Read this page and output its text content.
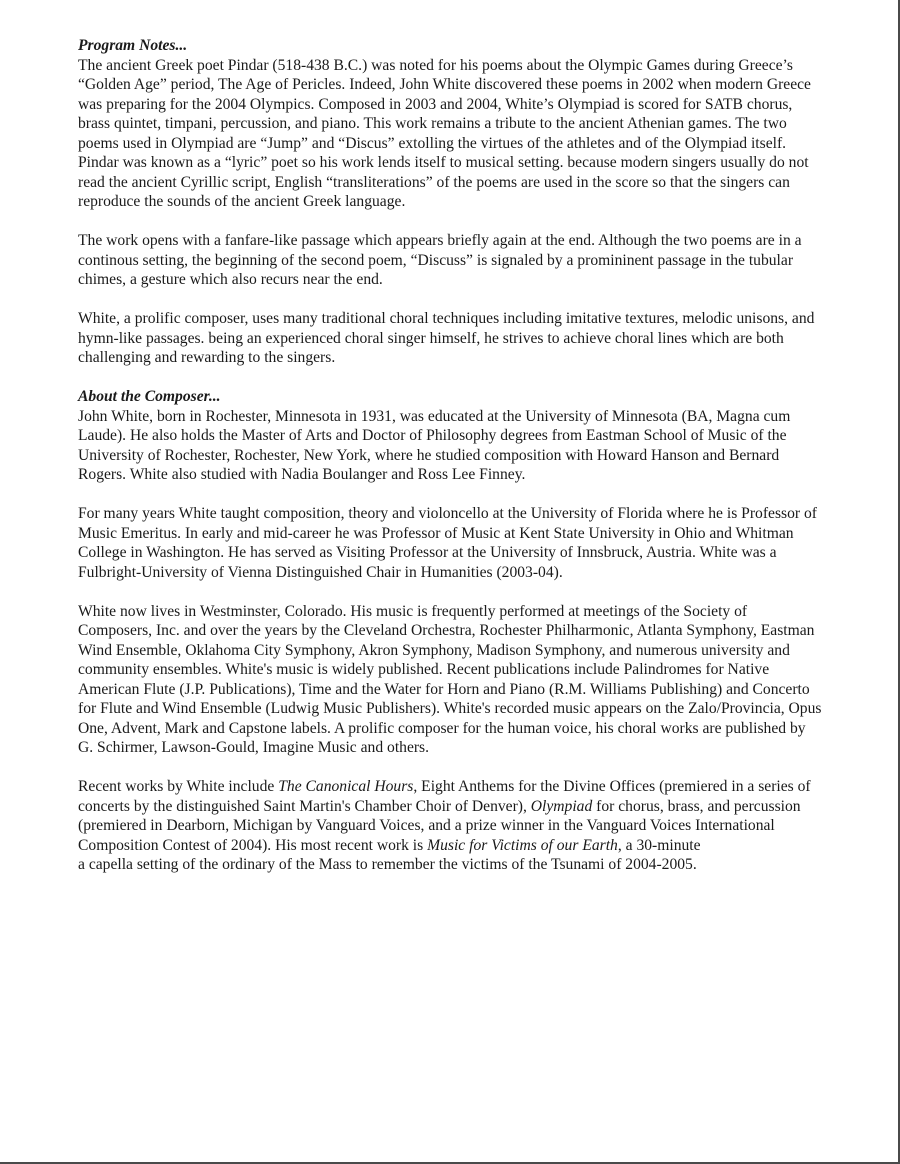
Program Notes...

The ancient Greek poet Pindar (518-438 B.C.) was noted for his poems about the Olympic Games during Greece’s “Golden Age” period, The Age of Pericles. Indeed, John White discovered these poems in 2002 when modern Greece was preparing for the 2004 Olympics. Composed in 2003 and 2004, White’s Olympiad is scored for SATB chorus, brass quintet, timpani, percussion, and piano. This work remains a tribute to the ancient Athenian games. The two poems used in Olympiad are “Jump” and “Discus” extolling the virtues of the athletes and of the Olympiad itself. Pindar was known as a “lyric” poet so his work lends itself to musical setting. because modern singers usually do not read the ancient Cyrillic script, English “transliterations” of the poems are used in the score so that the singers can reproduce the sounds of the ancient Greek language.

The work opens with a fanfare-like passage which appears briefly again at the end. Although the two poems are in a continous setting, the beginning of the second poem, “Discuss” is signaled by a promininent passage in the tubular chimes, a gesture which also recurs near the end.

White, a prolific composer, uses many traditional choral techniques including imitative textures, melodic unisons, and hymn-like passages. being an experienced choral singer himself, he strives to achieve choral lines which are both challenging and rewarding to the singers.

About the Composer...

John White, born in Rochester, Minnesota in 1931, was educated at the University of Minnesota (BA, Magna cum Laude). He also holds the Master of Arts and Doctor of Philosophy degrees from Eastman School of Music of the University of Rochester, Rochester, New York, where he studied composition with Howard Hanson and Bernard Rogers. White also studied with Nadia Boulanger and Ross Lee Finney.

For many years White taught composition, theory and violoncello at the University of Florida where he is Professor of Music Emeritus. In early and mid-career he was Professor of Music at Kent State University in Ohio and Whitman College in Washington. He has served as Visiting Professor at the University of Innsbruck, Austria. White was a Fulbright-University of Vienna Distinguished Chair in Humanities (2003-04).

White now lives in Westminster, Colorado. His music is frequently performed at meetings of the Society of Composers, Inc. and over the years by the Cleveland Orchestra, Rochester Philharmonic, Atlanta Symphony, Eastman Wind Ensemble, Oklahoma City Symphony, Akron Symphony, Madison Symphony, and numerous university and community ensembles. White's music is widely published. Recent publications include Palindromes for Native American Flute (J.P. Publications), Time and the Water for Horn and Piano (R.M. Williams Publishing) and Concerto for Flute and Wind Ensemble (Ludwig Music Publishers). White's recorded music appears on the Zalo/Provincia, Opus One, Advent, Mark and Capstone labels. A prolific composer for the human voice, his choral works are published by G. Schirmer, Lawson-Gould, Imagine Music and others.

Recent works by White include The Canonical Hours, Eight Anthems for the Divine Offices (premiered in a series of concerts by the distinguished Saint Martin's Chamber Choir of Denver), Olympiad for chorus, brass, and percussion (premiered in Dearborn, Michigan by Vanguard Voices, and a prize winner in the Vanguard Voices International Composition Contest of 2004). His most recent work is Music for Victims of our Earth, a 30-minute
a capella setting of the ordinary of the Mass to remember the victims of the Tsunami of 2004-2005.
